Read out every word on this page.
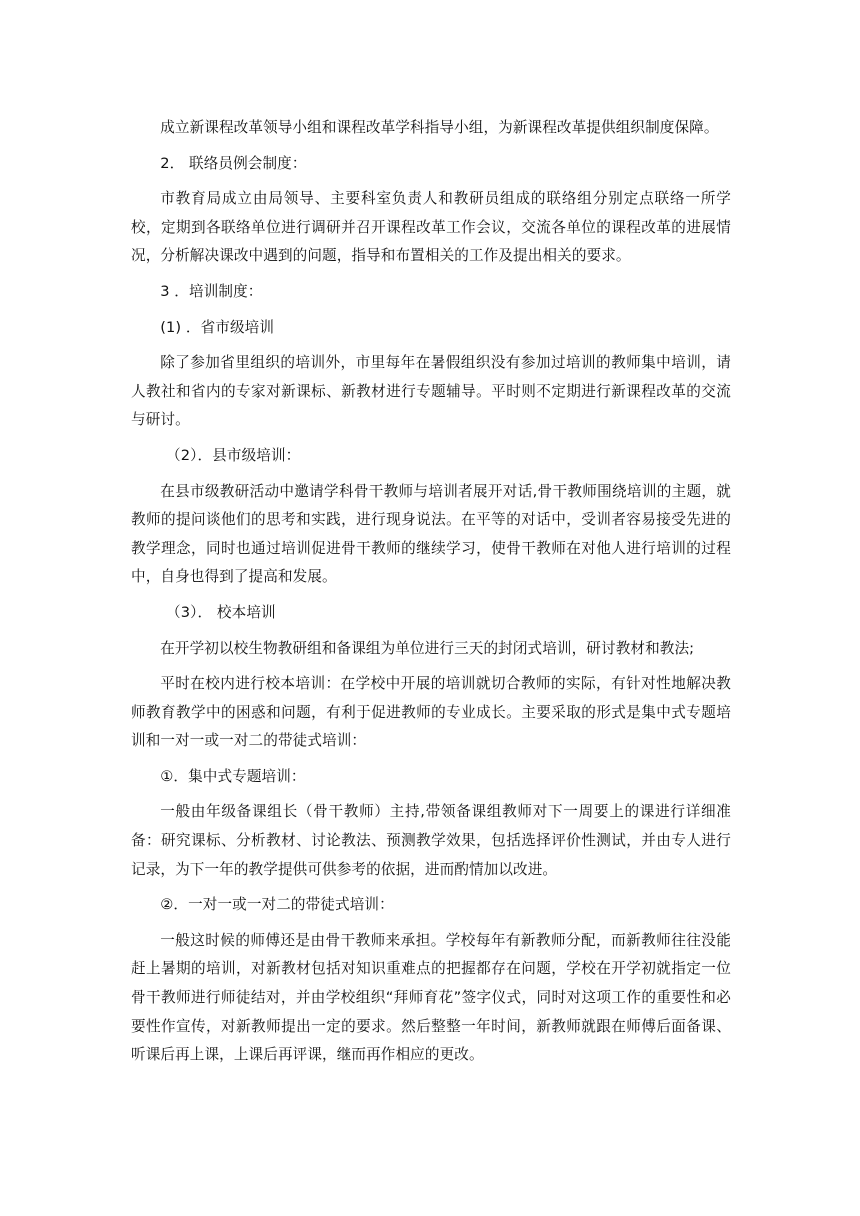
成立新课程改革领导小组和课程改革学科指导小组，为新课程改革提供组织制度保障。

2． 联络员例会制度：

市教育局成立由局领导、主要科室负责人和教研员组成的联络组分别定点联络一所学校，定期到各联络单位进行调研并召开课程改革工作会议，交流各单位的课程改革的进展情况，分析解决课改中遇到的问题，指导和布置相关的工作及提出相关的要求。

3 ．培训制度：

(1) ．省市级培训

除了参加省里组织的培训外，市里每年在暑假组织没有参加过培训的教师集中培训，请人教社和省内的专家对新课标、新教材进行专题辅导。平时则不定期进行新课程改革的交流与研讨。

（2）．县市级培训：

在县市级教研活动中邀请学科骨干教师与培训者展开对话,骨干教师围绕培训的主题，就教师的提问谈他们的思考和实践，进行现身说法。在平等的对话中，受训者容易接受先进的教学理念，同时也通过培训促进骨干教师的继续学习，使骨干教师在对他人进行培训的过程中，自身也得到了提高和发展。

（3）． 校本培训

在开学初以校生物教研组和备课组为单位进行三天的封闭式培训，研讨教材和教法;

平时在校内进行校本培训：在学校中开展的培训就切合教师的实际，有针对性地解决教师教育教学中的困惑和问题，有利于促进教师的专业成长。主要采取的形式是集中式专题培训和一对一或一对二的带徒式培训：

①．集中式专题培训：

一般由年级备课组长（骨干教师）主持,带领备课组教师对下一周要上的课进行详细准备：研究课标、分析教材、讨论教法、预测教学效果，包括选择评价性测试，并由专人进行记录，为下一年的教学提供可供参考的依据，进而酌情加以改进。

②．一对一或一对二的带徒式培训：

一般这时候的师傅还是由骨干教师来承担。学校每年有新教师分配，而新教师往往没能赶上暑期的培训，对新教材包括对知识重难点的把握都存在问题，学校在开学初就指定一位骨干教师进行师徒结对，并由学校组织“拜师育花”签字仪式，同时对这项工作的重要性和必要性作宣传，对新教师提出一定的要求。然后整整一年时间，新教师就跟在师傅后面备课、听课后再上课，上课后再评课，继而再作相应的更改。
